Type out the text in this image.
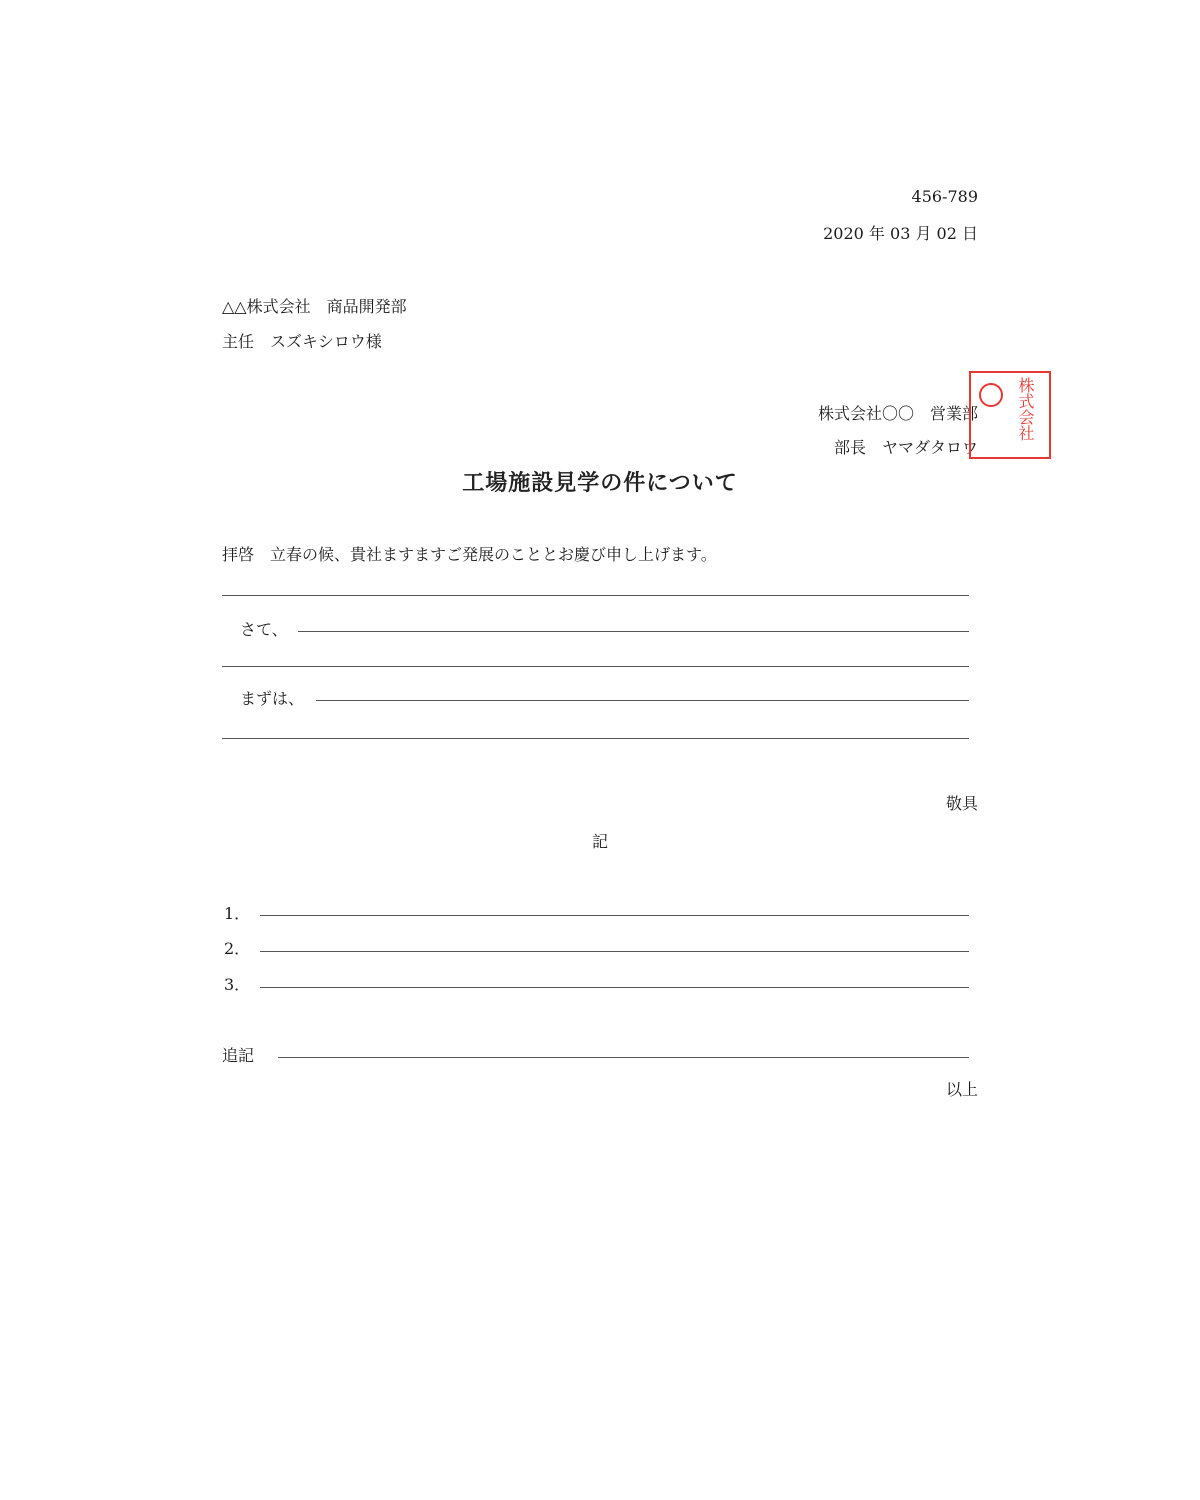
456-789
2020 年 03 月 02 日
△△株式会社　商品開発部
主任　スズキシロウ様
株式会社〇〇　営業部
部長　ヤマダタロウ
株式会社
工場施設見学の件について
拝啓　立春の候、貴社ますますご発展のこととお慶び申し上げます。
さて、
まずは、
敬具
記
1．
2．
3．
追記
以上
